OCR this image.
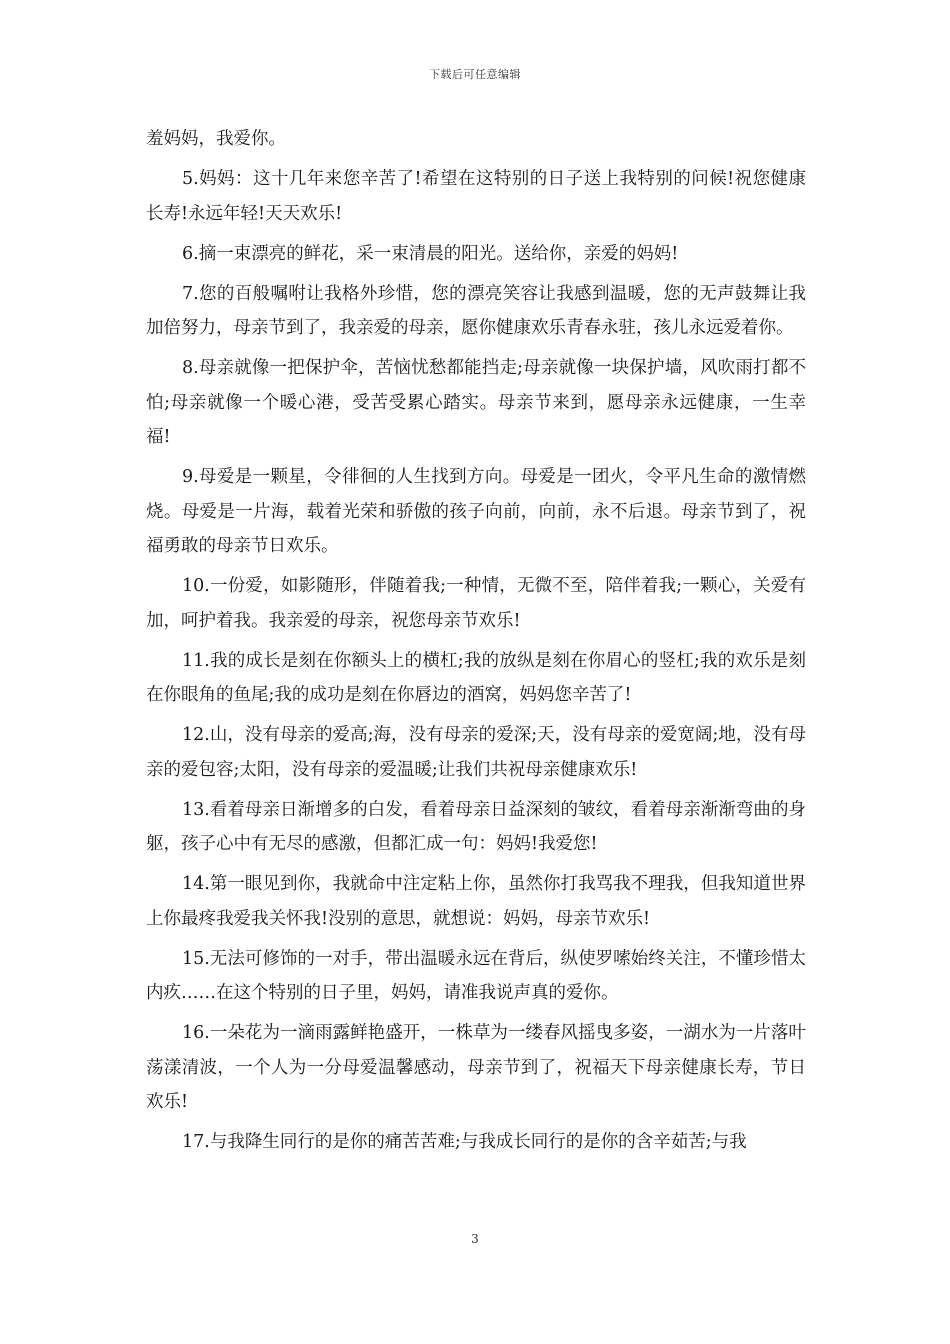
下载后可任意编辑

羞妈妈，我爱你。

5.妈妈：这十几年来您辛苦了!希望在这特别的日子送上我特别的问候!祝您健康长寿!永远年轻!天天欢乐!

6.摘一束漂亮的鲜花，采一束清晨的阳光。送给你，亲爱的妈妈!

7.您的百般嘱咐让我格外珍惜，您的漂亮笑容让我感到温暖，您的无声鼓舞让我加倍努力，母亲节到了，我亲爱的母亲，愿你健康欢乐青春永驻，孩儿永远爱着你。

8.母亲就像一把保护伞，苦恼忧愁都能挡走;母亲就像一块保护墙，风吹雨打都不怕;母亲就像一个暖心港，受苦受累心踏实。母亲节来到，愿母亲永远健康，一生幸福!

9.母爱是一颗星，令徘徊的人生找到方向。母爱是一团火，令平凡生命的激情燃烧。母爱是一片海，载着光荣和骄傲的孩子向前，向前，永不后退。母亲节到了，祝福勇敢的母亲节日欢乐。

10.一份爱，如影随形，伴随着我;一种情，无微不至，陪伴着我;一颗心，关爱有加，呵护着我。我亲爱的母亲，祝您母亲节欢乐!

11.我的成长是刻在你额头上的横杠;我的放纵是刻在你眉心的竖杠;我的欢乐是刻在你眼角的鱼尾;我的成功是刻在你唇边的酒窝，妈妈您辛苦了!

12.山，没有母亲的爱高;海，没有母亲的爱深;天，没有母亲的爱宽阔;地，没有母亲的爱包容;太阳，没有母亲的爱温暖;让我们共祝母亲健康欢乐!

13.看着母亲日渐增多的白发，看着母亲日益深刻的皱纹，看着母亲渐渐弯曲的身躯，孩子心中有无尽的感激，但都汇成一句：妈妈!我爱您!

14.第一眼见到你，我就命中注定粘上你，虽然你打我骂我不理我，但我知道世界上你最疼我爱我关怀我!没别的意思，就想说：妈妈，母亲节欢乐!

15.无法可修饰的一对手，带出温暖永远在背后，纵使罗嗦始终关注，不懂珍惜太内疚……在这个特别的日子里，妈妈，请准我说声真的爱你。

16.一朵花为一滴雨露鲜艳盛开，一株草为一缕春风摇曳多姿，一湖水为一片落叶荡漾清波，一个人为一分母爱温馨感动，母亲节到了，祝福天下母亲健康长寿，节日欢乐!

17.与我降生同行的是你的痛苦苦难;与我成长同行的是你的含辛茹苦;与我

3
